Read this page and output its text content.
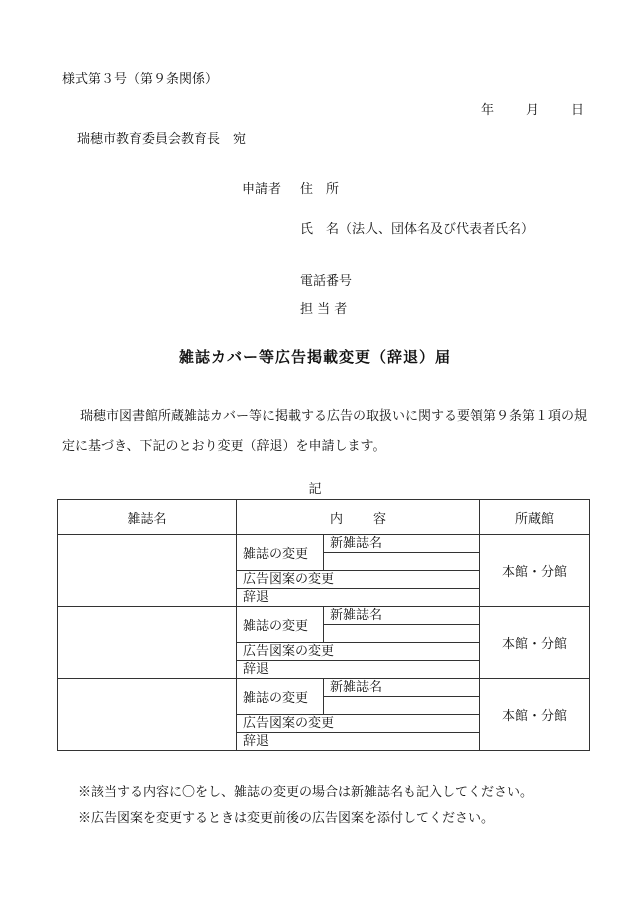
様式第３号（第９条関係）
年 月 日
瑞穂市教育委員会教育長　宛
申請者 住　所
氏　名（法人、団体名及び代表者氏名）
電話番号
担 当 者
雑誌カバー等広告掲載変更（辞退）届
瑞穂市図書館所蔵雑誌カバー等に掲載する広告の取扱いに関する要領第９条第１項の規定に基づき、下記のとおり変更（辞退）を申請します。
記
雑誌名	内容		所蔵館
	雑誌の変更	新雑誌名	本館・分館

	広告図案の変更		
	辞退		
	雑誌の変更	新雑誌名	本館・分館

	広告図案の変更		
	辞退		
	雑誌の変更	新雑誌名	本館・分館

	広告図案の変更		
	辞退		
※該当する内容に〇をし、雑誌の変更の場合は新雑誌名も記入してください。
※広告図案を変更するときは変更前後の広告図案を添付してください。
